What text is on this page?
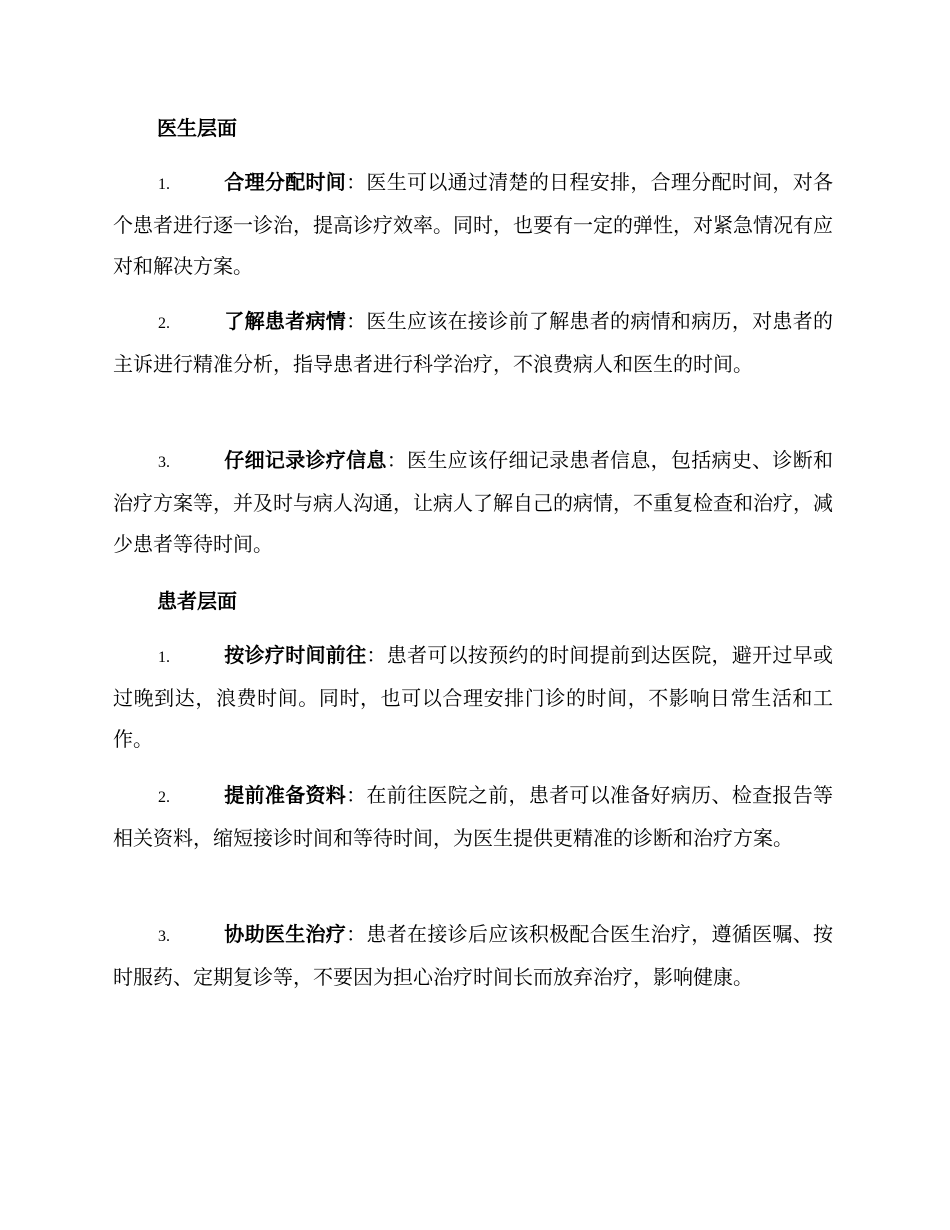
医生层面
1.	合理分配时间：医生可以通过清楚的日程安排，合理分配时间，对各个患者进行逐一诊治，提高诊疗效率。同时，也要有一定的弹性，对紧急情况有应对和解决方案。
2.	了解患者病情：医生应该在接诊前了解患者的病情和病历，对患者的主诉进行精准分析，指导患者进行科学治疗，不浪费病人和医生的时间。
3.	仔细记录诊疗信息：医生应该仔细记录患者信息，包括病史、诊断和治疗方案等，并及时与病人沟通，让病人了解自己的病情，不重复检查和治疗，减少患者等待时间。
患者层面
1.	按诊疗时间前往：患者可以按预约的时间提前到达医院，避开过早或过晚到达，浪费时间。同时，也可以合理安排门诊的时间，不影响日常生活和工作。
2.	提前准备资料：在前往医院之前，患者可以准备好病历、检查报告等相关资料，缩短接诊时间和等待时间，为医生提供更精准的诊断和治疗方案。
3.	协助医生治疗：患者在接诊后应该积极配合医生治疗，遵循医嘱、按时服药、定期复诊等，不要因为担心治疗时间长而放弃治疗，影响健康。
